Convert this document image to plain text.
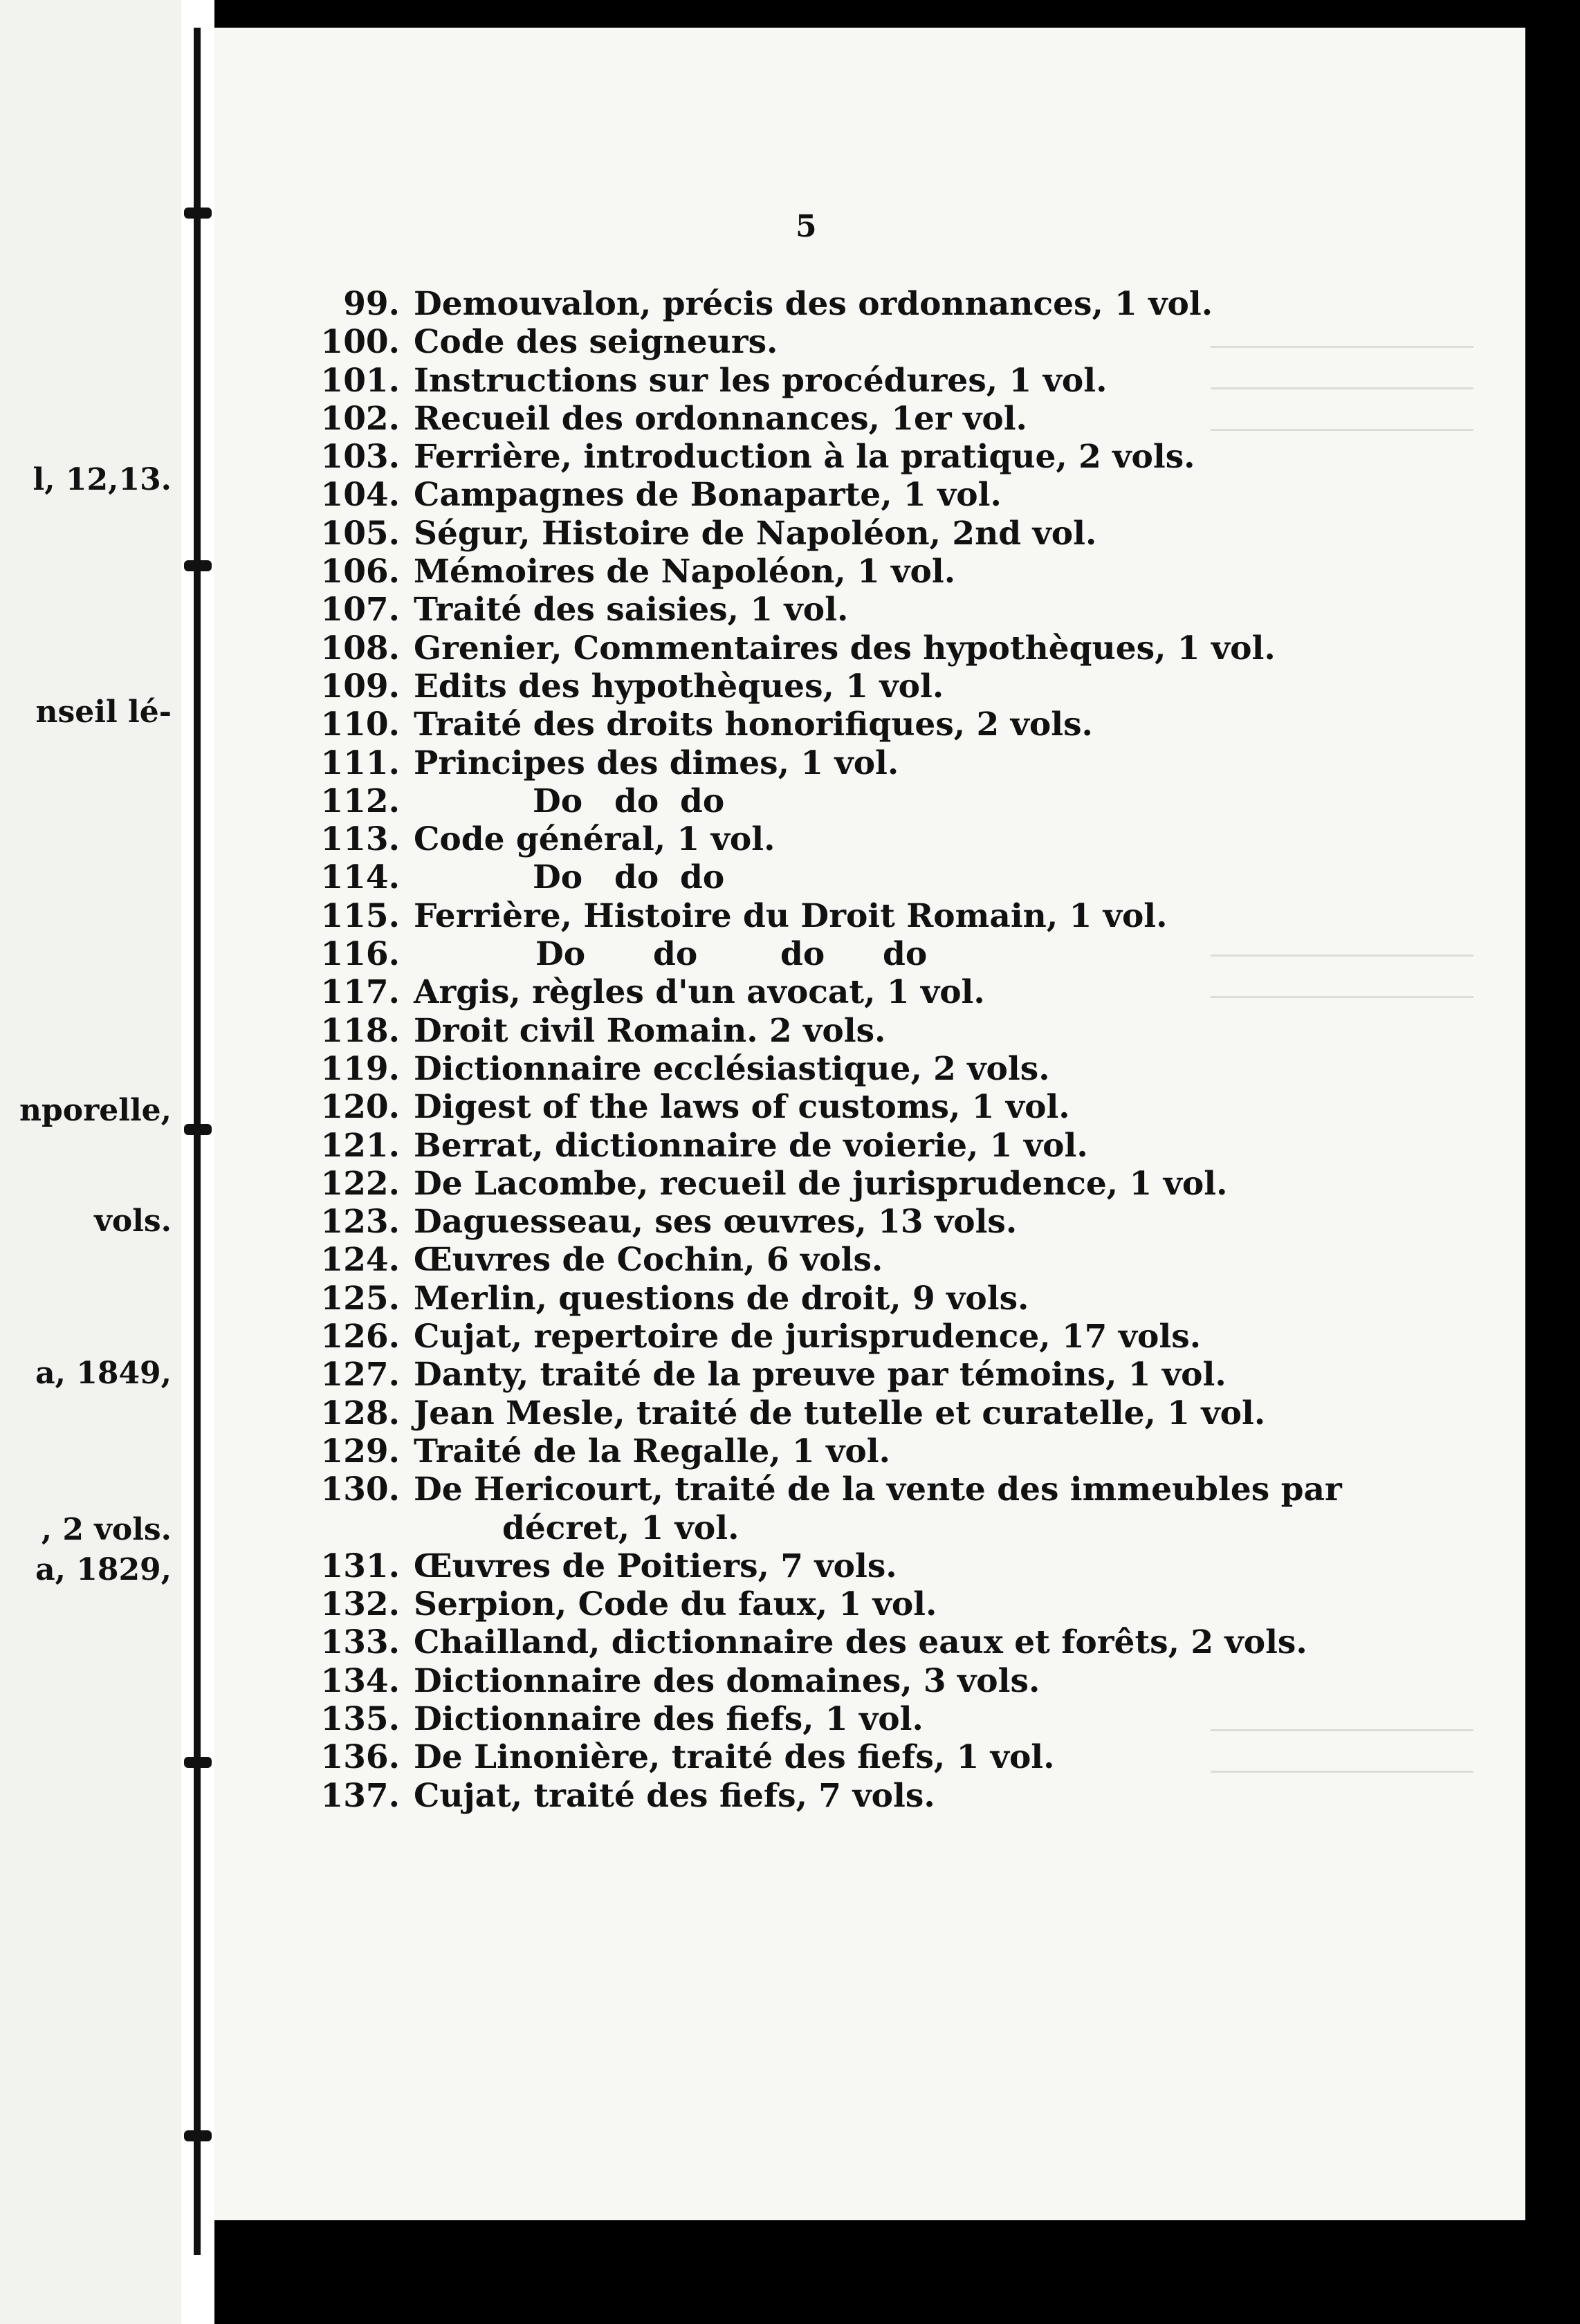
l, 12,13.

nseil lé-

nporelle,

vols.

a, 1849,

, 2 vols.

a, 1829,

5

99. Demouvalon, précis des ordonnances, 1 vol.
100. Code des seigneurs.
101. Instructions sur les procédures, 1 vol.
102. Recueil des ordonnances, 1er vol.
103. Ferrière, introduction à la pratique, 2 vols.
104. Campagnes de Bonaparte, 1 vol.
105. Ségur, Histoire de Napoléon, 2nd vol.
106. Mémoires de Napoléon, 1 vol.
107. Traité des saisies, 1 vol.
108. Grenier, Commentaires des hypothèques, 1 vol.
109. Edits des hypothèques, 1 vol.
110. Traité des droits honorifiques, 2 vols.
111. Principes des dimes, 1 vol.
112.	Do do do
113. Code général, 1 vol.
114.	Do do do
115. Ferrière, Histoire du Droit Romain, 1 vol.
116.	Do do	do do
117. Argis, règles d'un avocat, 1 vol.
118. Droit civil Romain. 2 vols.
119. Dictionnaire ecclésiastique, 2 vols.
120. Digest of the laws of customs, 1 vol.
121. Berrat, dictionnaire de voierie, 1 vol.
122. De Lacombe, recueil de jurisprudence, 1 vol.
123. Daguesseau, ses œuvres, 13 vols.
124. Œuvres de Cochin, 6 vols.
125. Merlin, questions de droit, 9 vols.
126. Cujat, repertoire de jurisprudence, 17 vols.
127. Danty, traité de la preuve par témoins, 1 vol.
128. Jean Mesle, traité de tutelle et curatelle, 1 vol.
129. Traité de la Regalle, 1 vol.
130. De Hericourt, traité de la vente des immeubles par
décret, 1 vol.
131. Œuvres de Poitiers, 7 vols.
132. Serpion, Code du faux, 1 vol.
133. Chailland, dictionnaire des eaux et forêts, 2 vols.
134. Dictionnaire des domaines, 3 vols.
135. Dictionnaire des fiefs, 1 vol.
136. De Linonière, traité des fiefs, 1 vol.
137. Cujat, traité des fiefs, 7 vols.
